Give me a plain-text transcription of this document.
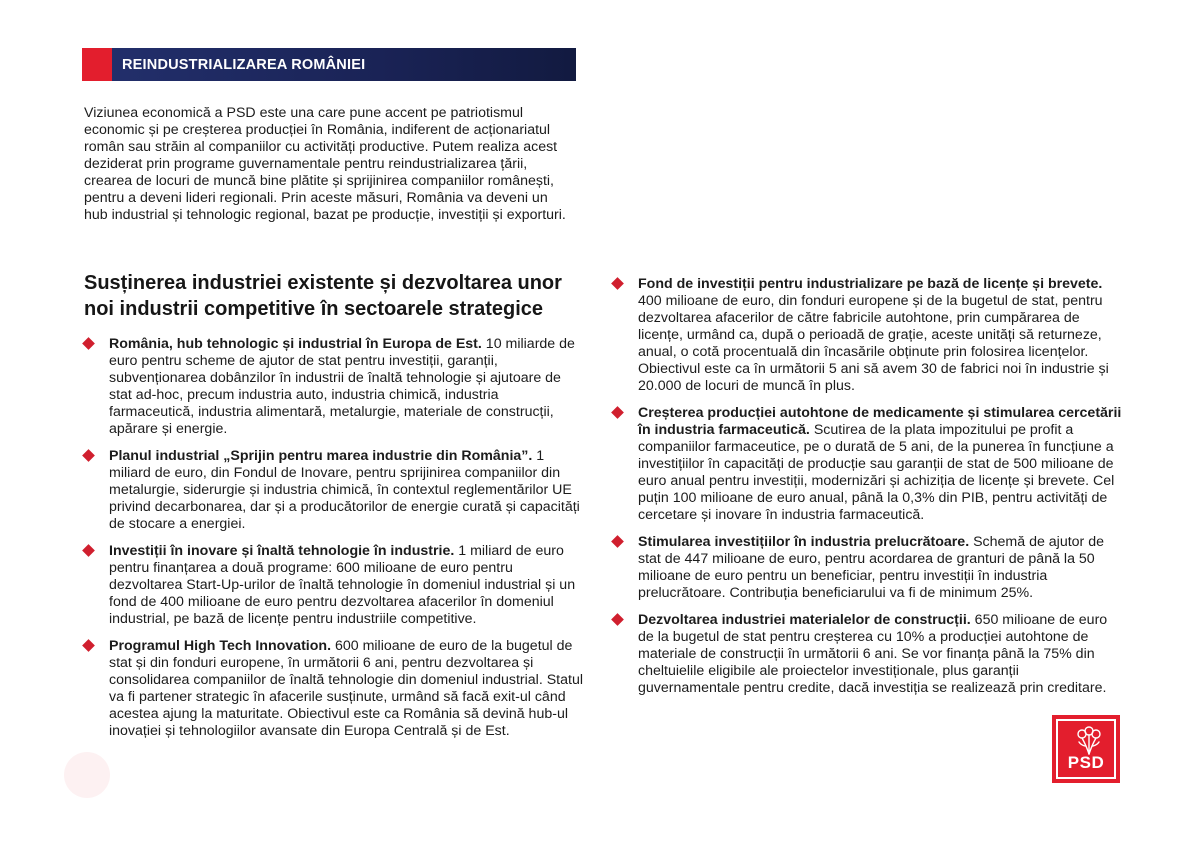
REINDUSTRIALIZAREA ROMÂNIEI

Viziunea economică a PSD este una care pune accent pe patriotismul economic și pe creșterea producției în România, indiferent de acționariatul român sau străin al companiilor cu activități productive. Putem realiza acest deziderat prin programe guvernamentale pentru reindustrializarea țării, crearea de locuri de muncă bine plătite și sprijinirea companiilor românești, pentru a deveni lideri regionali. Prin aceste măsuri, România va deveni un hub industrial și tehnologic regional, bazat pe producție, investiții și exporturi.

Susținerea industriei existente și dezvoltarea unor noi industrii competitive în sectoarele strategice
România, hub tehnologic și industrial în Europa de Est. 10 miliarde de euro pentru scheme de ajutor de stat pentru investiții, garanții, subvenționarea dobânzilor în industrii de înaltă tehnologie și ajutoare de stat ad-hoc, precum industria auto, industria chimică, industria farmaceutică, industria alimentară, metalurgie, materiale de construcții, apărare și energie.
Planul industrial „Sprijin pentru marea industrie din România”. 1 miliard de euro, din Fondul de Inovare, pentru sprijinirea companiilor din metalurgie, siderurgie și industria chimică, în contextul reglementărilor UE privind decarbonarea, dar și a producătorilor de energie curată și capacități de stocare a energiei.
Investiții în inovare și înaltă tehnologie în industrie. 1 miliard de euro pentru finanțarea a două programe: 600 milioane de euro pentru dezvoltarea Start-Up-urilor de înaltă tehnologie în domeniul industrial și un fond de 400 milioane de euro pentru dezvoltarea afacerilor în domeniul industrial, pe bază de licențe pentru industriile competitive.
Programul High Tech Innovation. 600 milioane de euro de la bugetul de stat și din fonduri europene, în următorii 6 ani, pentru dezvoltarea și consolidarea companiilor de înaltă tehnologie din domeniul industrial. Statul va fi partener strategic în afacerile susținute, urmând să facă exit-ul când acestea ajung la maturitate. Obiectivul este ca România să devină hub-ul inovației și tehnologiilor avansate din Europa Centrală și de Est.
Fond de investiții pentru industrializare pe bază de licențe și brevete. 400 milioane de euro, din fonduri europene și de la bugetul de stat, pentru dezvoltarea afacerilor de către fabricile autohtone, prin cumpărarea de licențe, urmând ca, după o perioadă de grație, aceste unități să returneze, anual, o cotă procentuală din încasările obținute prin folosirea licențelor. Obiectivul este ca în următorii 5 ani să avem 30 de fabrici noi în industrie și 20.000 de locuri de muncă în plus.
Creșterea producției autohtone de medicamente și stimularea cercetării în industria farmaceutică. Scutirea de la plata impozitului pe profit a companiilor farmaceutice, pe o durată de 5 ani, de la punerea în funcțiune a investițiilor în capacități de producție sau garanții de stat de 500 milioane de euro anual pentru investiții, modernizări și achiziția de licențe și brevete. Cel puțin 100 milioane de euro anual, până la 0,3% din PIB, pentru activități de cercetare și inovare în industria farmaceutică.
Stimularea investițiilor în industria prelucrătoare. Schemă de ajutor de stat de 447 milioane de euro, pentru acordarea de granturi de până la 50 milioane de euro pentru un beneficiar, pentru investiții în industria prelucrătoare. Contribuția beneficiarului va fi de minimum 25%.
Dezvoltarea industriei materialelor de construcții. 650 milioane de euro de la bugetul de stat pentru creșterea cu 10% a producției autohtone de materiale de construcții în următorii 6 ani. Se vor finanța până la 75% din cheltuielile eligibile ale proiectelor investiționale, plus garanții guvernamentale pentru credite, dacă investiția se realizează prin creditare.
PSD
